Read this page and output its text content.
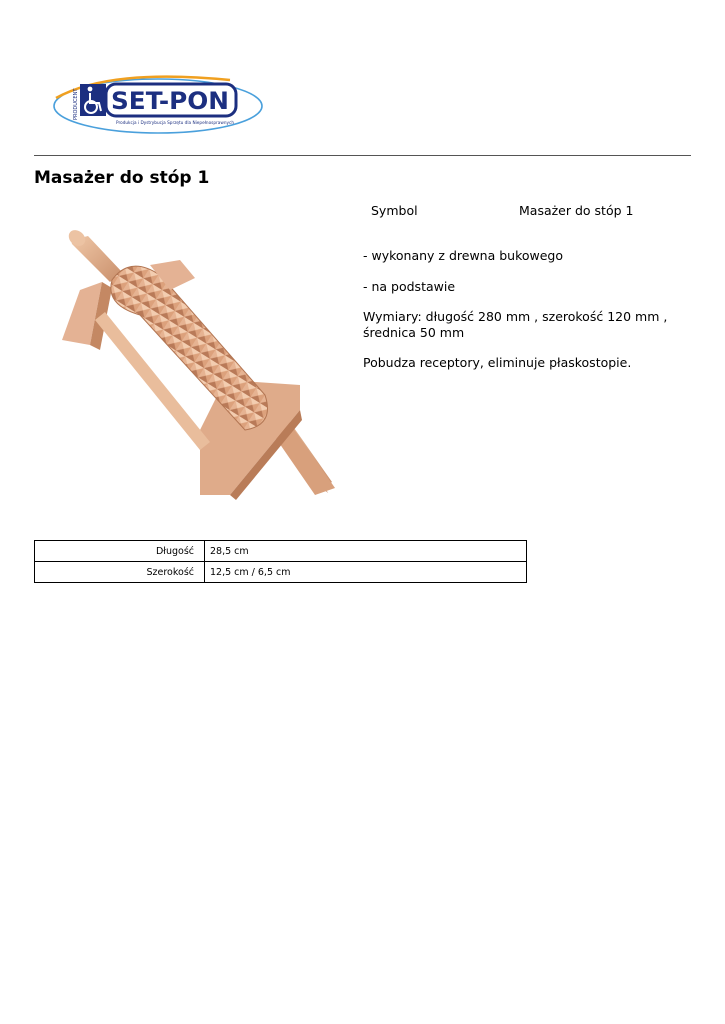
PRODUCENT SET-PON
Produkcja i Dystrybucja Sprzętu dla Niepełnosprawnych
Masażer do stóp 1
Symbol	Masażer do stóp 1

- wykonany z drewna bukowego

- na podstawie

Wymiary: długość 280 mm , szerokość 120 mm , średnica 50 mm

Pobudza receptory, eliminuje płaskostopie.

Długość	28,5 cm
Szerokość	12,5 cm / 6,5 cm
